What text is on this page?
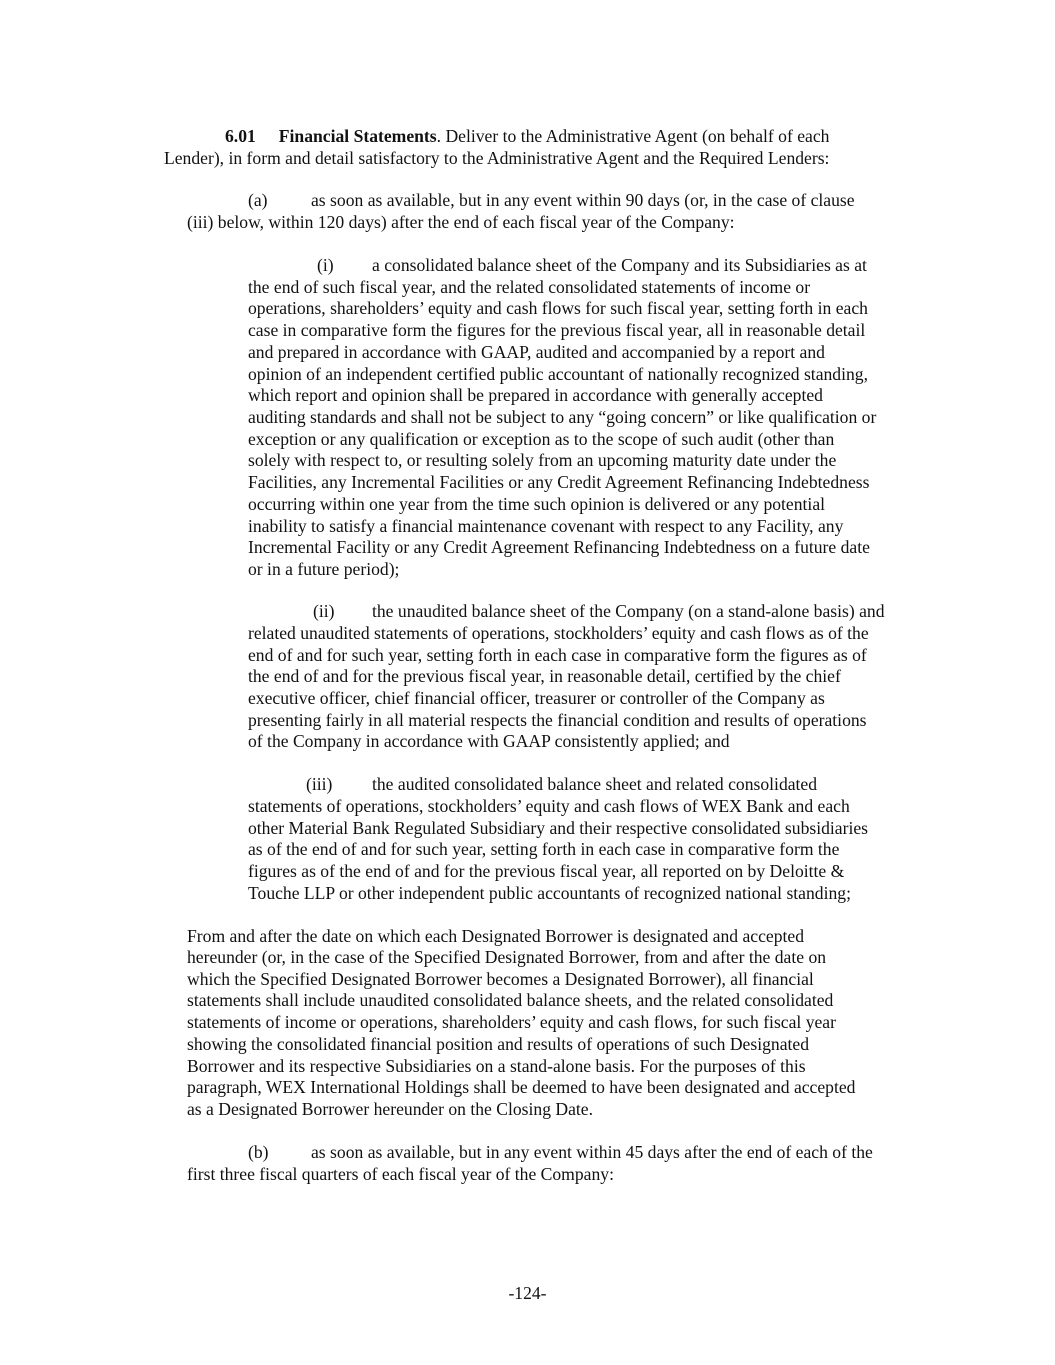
6.01 Financial Statements. Deliver to the Administrative Agent (on behalf of each
Lender), in form and detail satisfactory to the Administrative Agent and the Required Lenders:
(a) as soon as available, but in any event within 90 days (or, in the case of clause
(iii) below, within 120 days) after the end of each fiscal year of the Company:
(i) a consolidated balance sheet of the Company and its Subsidiaries as at
the end of such fiscal year, and the related consolidated statements of income or
operations, shareholders’ equity and cash flows for such fiscal year, setting forth in each
case in comparative form the figures for the previous fiscal year, all in reasonable detail
and prepared in accordance with GAAP, audited and accompanied by a report and
opinion of an independent certified public accountant of nationally recognized standing,
which report and opinion shall be prepared in accordance with generally accepted
auditing standards and shall not be subject to any “going concern” or like qualification or
exception or any qualification or exception as to the scope of such audit (other than
solely with respect to, or resulting solely from an upcoming maturity date under the
Facilities, any Incremental Facilities or any Credit Agreement Refinancing Indebtedness
occurring within one year from the time such opinion is delivered or any potential
inability to satisfy a financial maintenance covenant with respect to any Facility, any
Incremental Facility or any Credit Agreement Refinancing Indebtedness on a future date
or in a future period);
(ii) the unaudited balance sheet of the Company (on a stand-alone basis) and
related unaudited statements of operations, stockholders’ equity and cash flows as of the
end of and for such year, setting forth in each case in comparative form the figures as of
the end of and for the previous fiscal year, in reasonable detail, certified by the chief
executive officer, chief financial officer, treasurer or controller of the Company as
presenting fairly in all material respects the financial condition and results of operations
of the Company in accordance with GAAP consistently applied; and
(iii) the audited consolidated balance sheet and related consolidated
statements of operations, stockholders’ equity and cash flows of WEX Bank and each
other Material Bank Regulated Subsidiary and their respective consolidated subsidiaries
as of the end of and for such year, setting forth in each case in comparative form the
figures as of the end of and for the previous fiscal year, all reported on by Deloitte &
Touche LLP or other independent public accountants of recognized national standing;
From and after the date on which each Designated Borrower is designated and accepted
hereunder (or, in the case of the Specified Designated Borrower, from and after the date on
which the Specified Designated Borrower becomes a Designated Borrower), all financial
statements shall include unaudited consolidated balance sheets, and the related consolidated
statements of income or operations, shareholders’ equity and cash flows, for such fiscal year
showing the consolidated financial position and results of operations of such Designated
Borrower and its respective Subsidiaries on a stand-alone basis. For the purposes of this
paragraph, WEX International Holdings shall be deemed to have been designated and accepted
as a Designated Borrower hereunder on the Closing Date.
(b) as soon as available, but in any event within 45 days after the end of each of the
first three fiscal quarters of each fiscal year of the Company:
-124-
